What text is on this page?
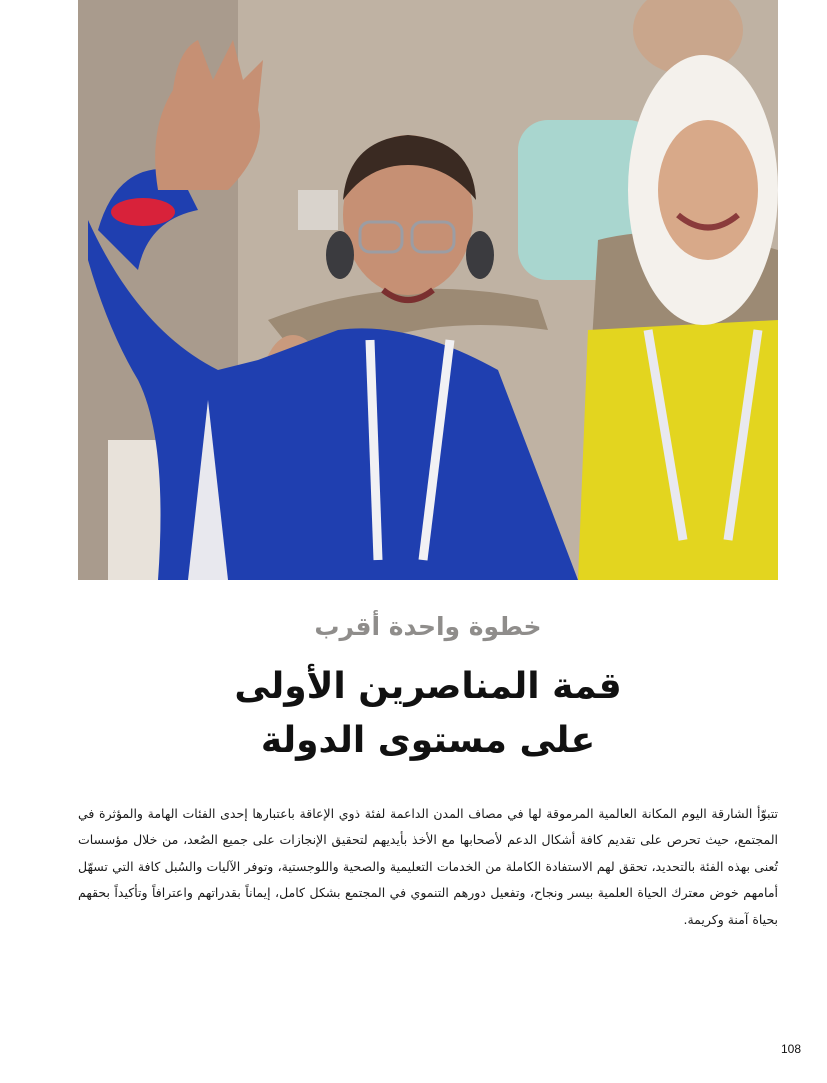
خطوة واحدة أقرب
قمة المناصرين الأولى
على مستوى الدولة

تتبوّأ الشارقة اليوم المكانة العالمية المرموقة لها في مصاف المدن الداعمة لفئة ذوي الإعاقة باعتبارها إحدى الفئات الهامة والمؤثرة في المجتمع، حيث تحرص على تقديم كافة أشكال الدعم لأصحابها مع الأخذ بأيديهم لتحقيق الإنجازات على جميع الصُعد، من خلال مؤسسات تُعنى بهذه الفئة بالتحديد، تحقق لهم الاستفادة الكاملة من الخدمات التعليمية والصحية واللوجستية، وتوفر الآليات والسُبل كافة التي تسهّل أمامهم خوض معترك الحياة العلمية بيسر ونجاح، وتفعيل دورهم التنموي في المجتمع بشكل كامل، إيماناً بقدراتهم واعترافاً وتأكيداً بحقهم بحياة آمنة وكريمة.

108
